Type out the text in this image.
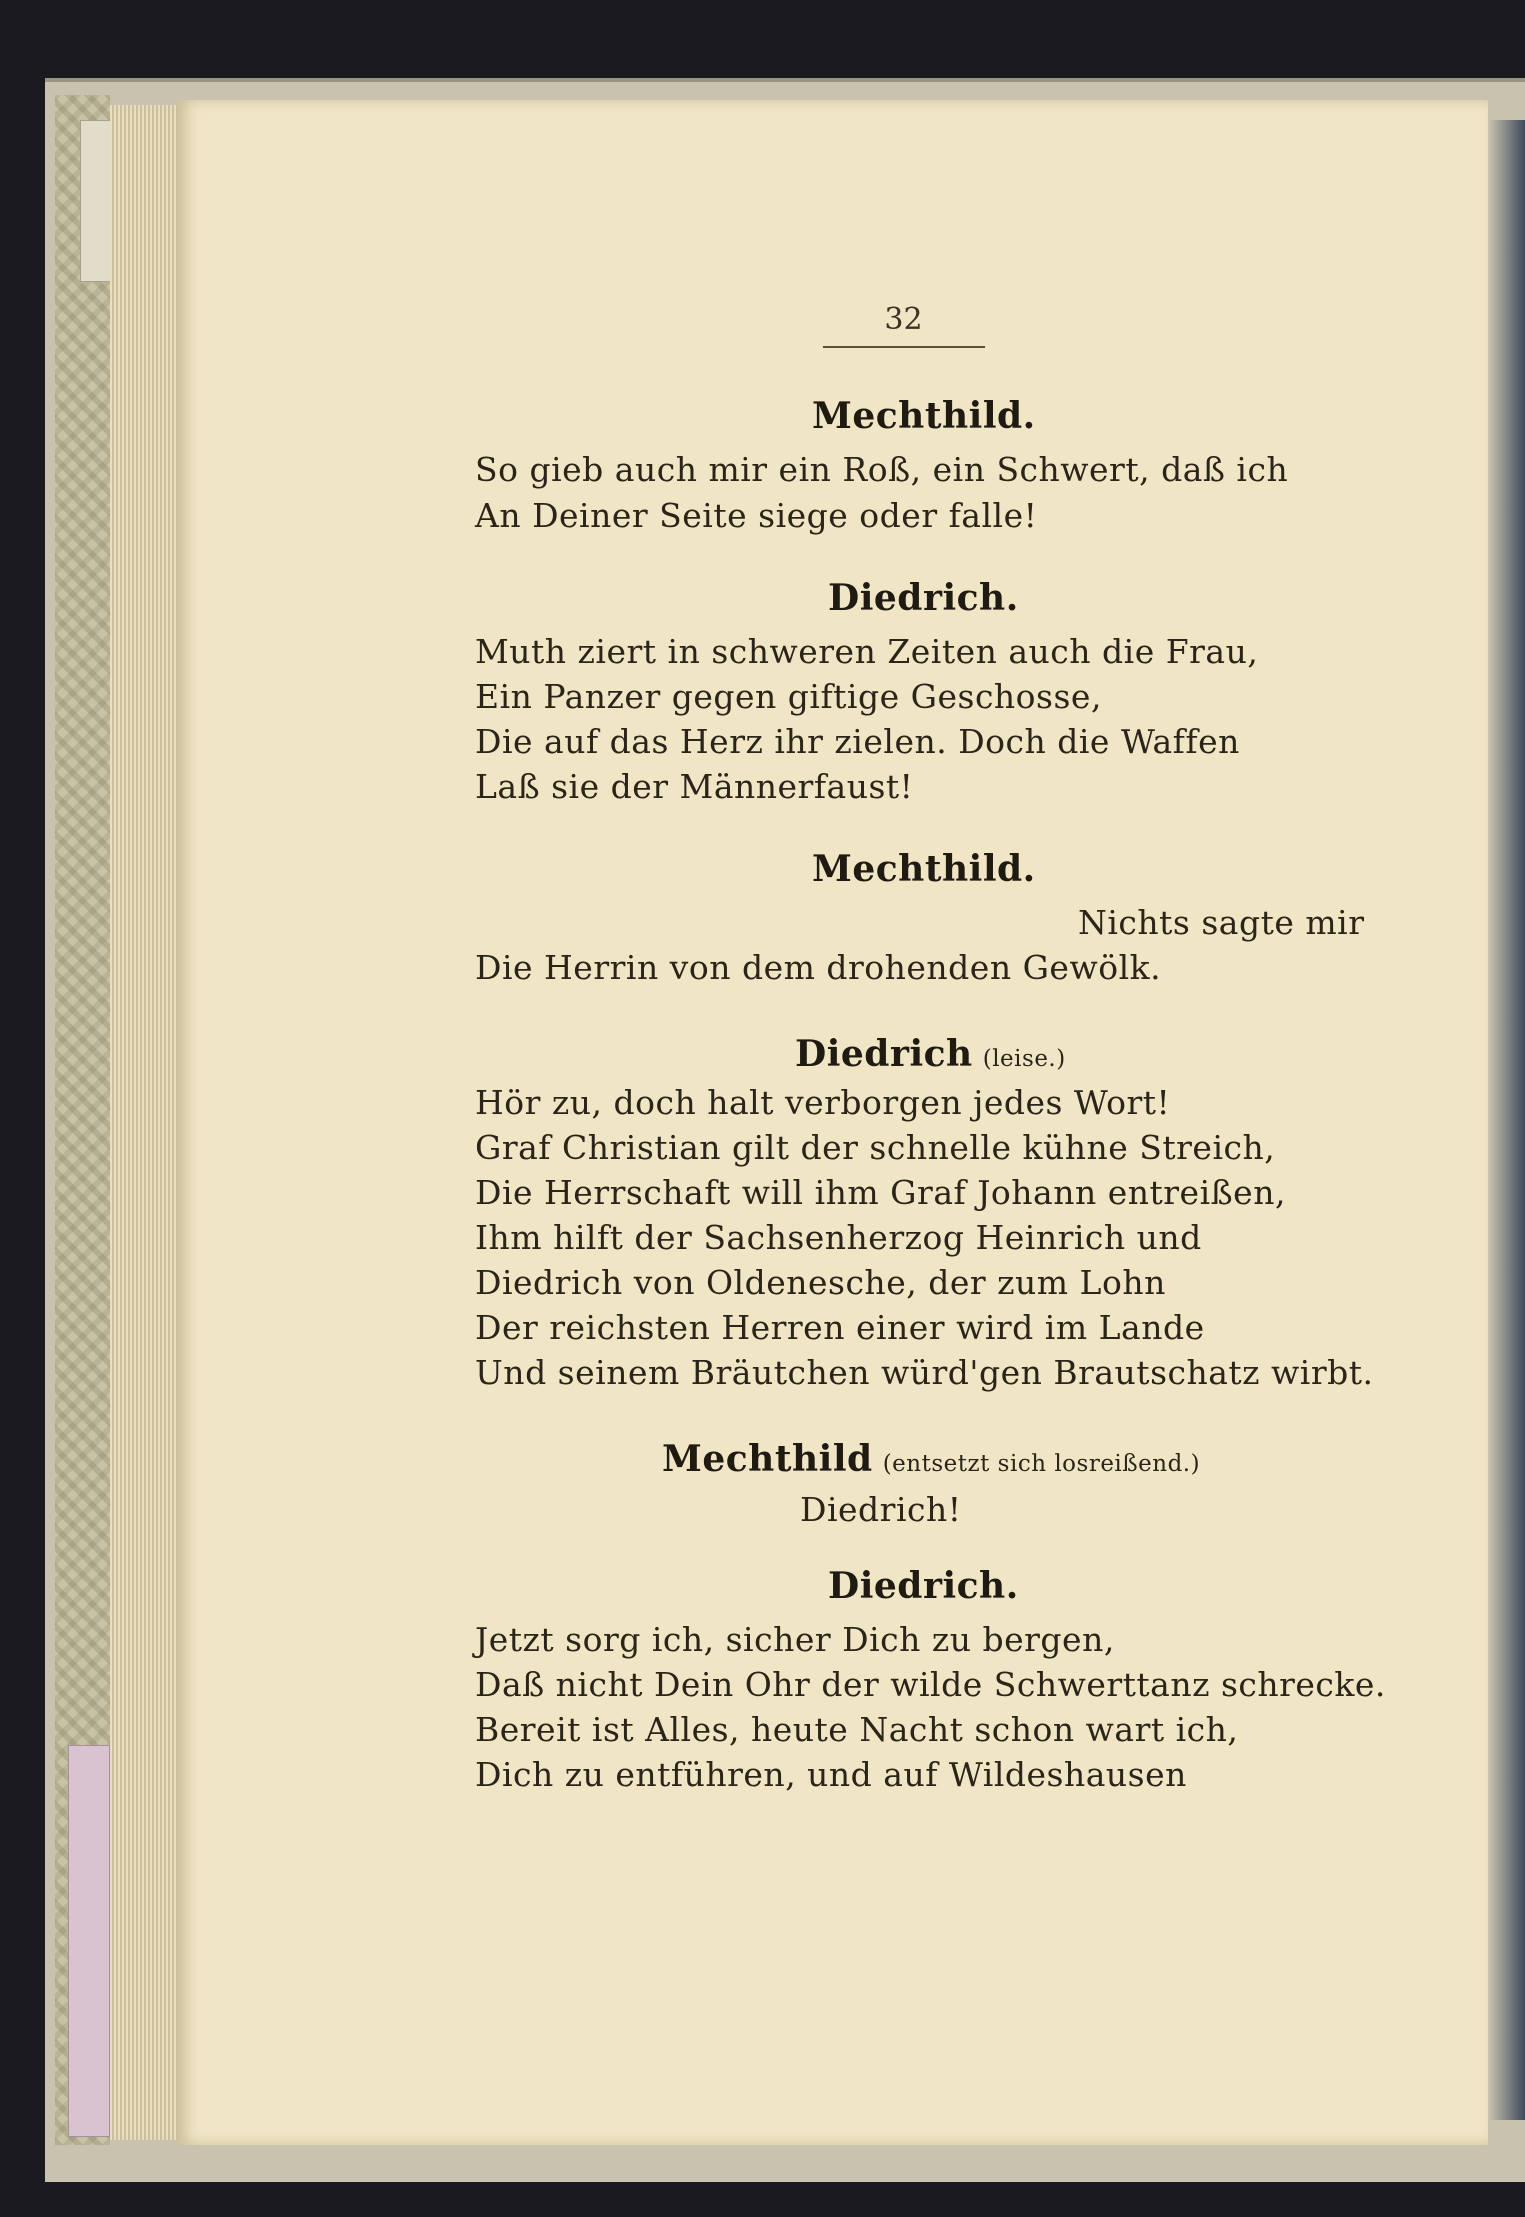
32
Mechthild.
So gieb auch mir ein Roß, ein Schwert, daß ich
An Deiner Seite siege oder falle!
Diedrich.
Muth ziert in schweren Zeiten auch die Frau,
Ein Panzer gegen giftige Geschosse,
Die auf das Herz ihr zielen. Doch die Waffen
Laß sie der Männerfaust!
Mechthild.
Nichts sagte mir
Die Herrin von dem drohenden Gewölk.
Diedrich (leise.)
Hör zu, doch halt verborgen jedes Wort!
Graf Christian gilt der schnelle kühne Streich,
Die Herrschaft will ihm Graf Johann entreißen,
Ihm hilft der Sachsenherzog Heinrich und
Diedrich von Oldenesche, der zum Lohn
Der reichsten Herren einer wird im Lande
Und seinem Bräutchen würd'gen Brautschatz wirbt.
Mechthild (entsetzt sich losreißend.)
Diedrich!
Diedrich.
Jetzt sorg ich, sicher Dich zu bergen,
Daß nicht Dein Ohr der wilde Schwerttanz schrecke.
Bereit ist Alles, heute Nacht schon wart ich,
Dich zu entführen, und auf Wildeshausen
